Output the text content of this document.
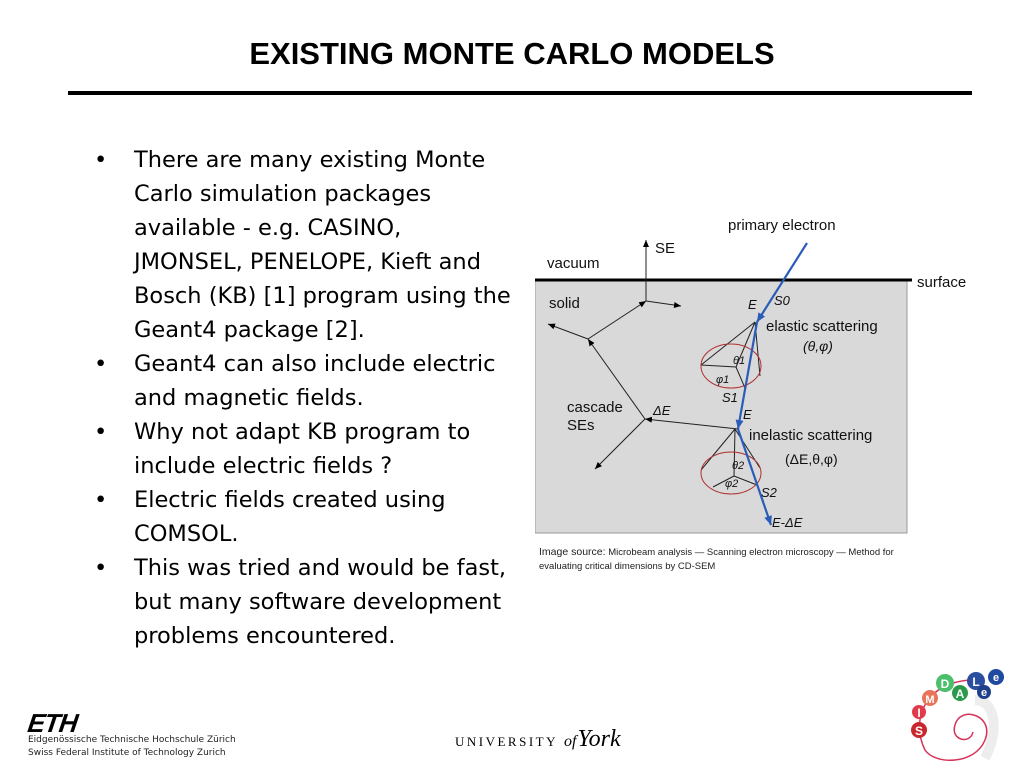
EXISTING MONTE CARLO MODELS
• There are many existing Monte Carlo simulation packages available - e.g. CASINO, JMONSEL, PENELOPE, Kieft and Bosch (KB) [1] program using the Geant4 package [2].
• Geant4 can also include electric and magnetic fields.
• Why not adapt KB program to include electric fields ?
• Electric fields created using COMSOL.
• This was tried and would be fast, but many software development problems encountered.
primary electron
vacuum
SE
surface
solid
elastic scattering
(θ,φ)
cascade
SEs
inelastic scattering
(ΔE,θ,φ)
E S0
θ1
φ1
S1
ΔE	E
θ2
φ2
S2
E-ΔE
Image source: Microbeam analysis — Scanning electron microscopy — Method for evaluating critical dimensions by CD-SEM
ETH
Eidgenössische Technische Hochschule Zürich
Swiss Federal Institute of Technology Zurich
UNIVERSITY of York	S
I
M
D
A
L
e
e
